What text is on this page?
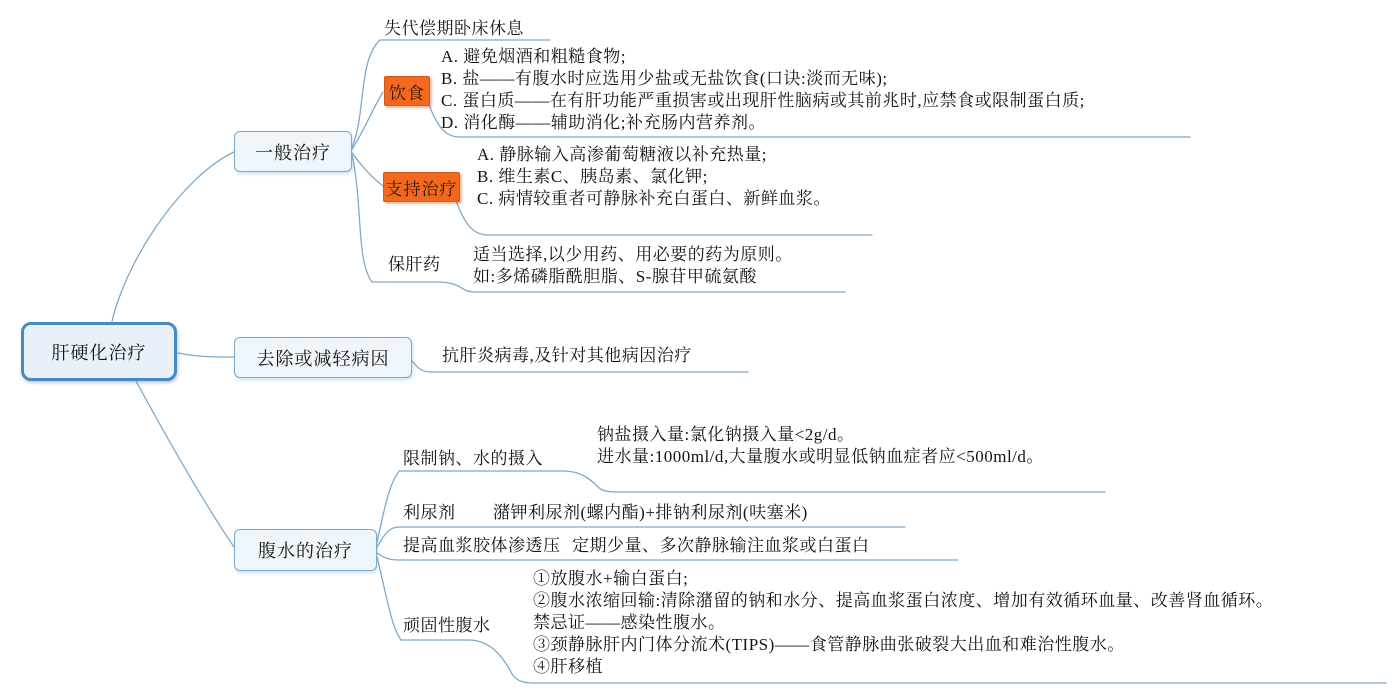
肝硬化治疗
一般治疗
去除或减轻病因
腹水的治疗
失代偿期卧床休息
饮食
A. 避免烟酒和粗糙食物;
B. 盐——有腹水时应选用少盐或无盐饮食(口诀:淡而无味);
C. 蛋白质——在有肝功能严重损害或出现肝性脑病或其前兆时,应禁食或限制蛋白质;
D. 消化酶——辅助消化;补充肠内营养剂。
支持治疗
A. 静脉输入高渗葡萄糖液以补充热量;
B. 维生素C、胰岛素、氯化钾;
C. 病情较重者可静脉补充白蛋白、新鲜血浆。
保肝药
适当选择,以少用药、用必要的药为原则。
如:多烯磷脂酰胆脂、S-腺苷甲硫氨酸
抗肝炎病毒,及针对其他病因治疗
限制钠、水的摄入
钠盐摄入量:氯化钠摄入量<2g/d。
进水量:1000ml/d,大量腹水或明显低钠血症者应<500ml/d。
利尿剂 潴钾利尿剂(螺内酯)+排钠利尿剂(呋塞米)
提高血浆胶体渗透压 定期少量、多次静脉输注血浆或白蛋白
顽固性腹水
①放腹水+输白蛋白;
②腹水浓缩回输:清除潴留的钠和水分、提高血浆蛋白浓度、增加有效循环血量、改善肾血循环。
禁忌证——感染性腹水。
③颈静脉肝内门体分流术(TIPS)——食管静脉曲张破裂大出血和难治性腹水。
④肝移植
